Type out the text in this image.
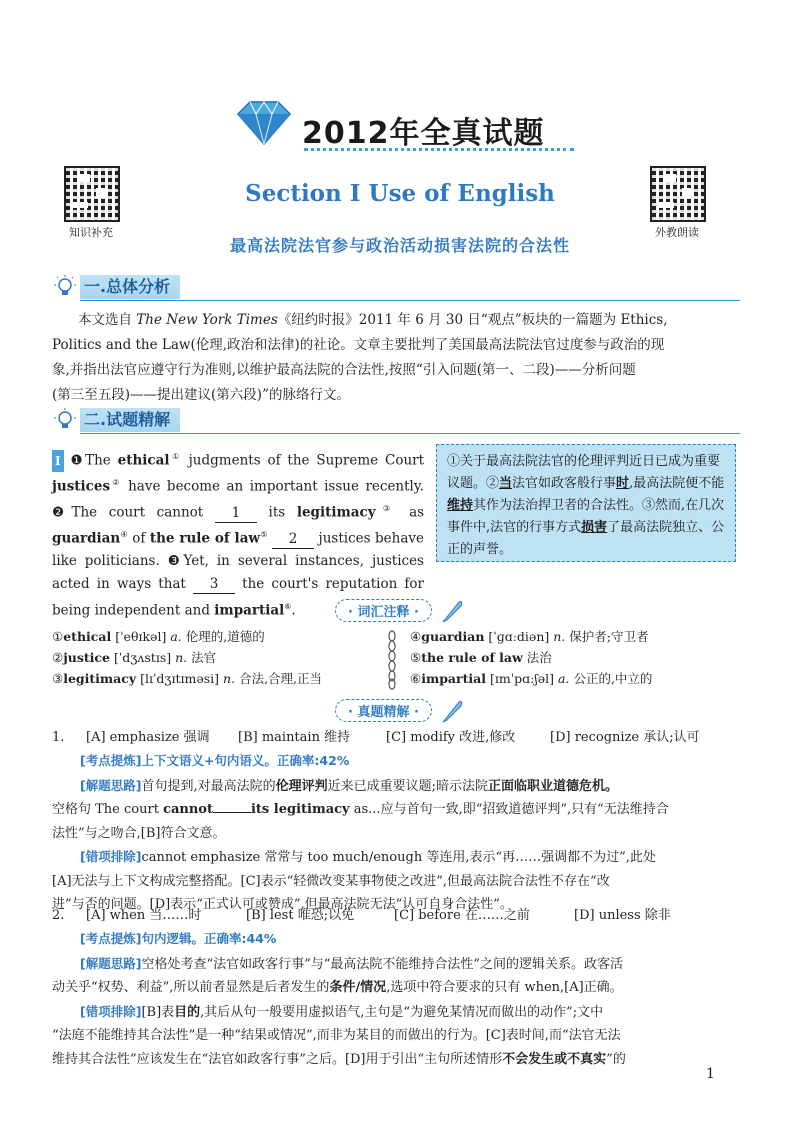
2012年全真试题
知识补充	外教朗读
Section Ⅰ Use of English
最高法院法官参与政治活动损害法院的合法性
一.总体分析
本文选自 The New York Times《纽约时报》2011 年 6 月 30 日“观点”板块的一篇题为 Ethics,
Politics and the Law(伦理,政治和法律)的社论。文章主要批判了美国最高法院法官过度参与政治的现
象,并指出法官应遵守行为准则,以维护最高法院的合法性,按照“引入问题(第一、二段)——分析问题
(第三至五段)——提出建议(第六段)”的脉络行文。
二.试题精解
I ❶The ethical① judgments of the Supreme Court justices② have become an important issue recently. ❷The court cannot 1 its legitimacy③ as guardian④ of the rule of law⑤ 2 justices behave like politicians. ❸Yet, in several instances, justices acted in ways that 3 the court's reputation for being independent and impartial⑥.
①关于最高法院法官的伦理评判近日已成为重要议题。②当法官如政客般行事时,最高法院便不能维持其作为法治捍卫者的合法性。③然而,在几次事件中,法官的行事方式损害了最高法院独立、公正的声誉。
· 词汇注释 ·
①ethical [ˈeθɪkəl] a. 伦理的,道德的
②justice [ˈdʒʌstɪs] n. 法官
③legitimacy [lɪˈdʒɪtɪməsi] n. 合法,合理,正当
④guardian [ˈɡɑːdiən] n. 保护者;守卫者
⑤the rule of law 法治
⑥impartial [ɪmˈpɑːʃəl] a. 公正的,中立的
· 真题精解 ·
1. [A] emphasize 强调 [B] maintain 维持	[C] modify 改进,修改	[D] recognize 承认;认可
[考点提炼]上下文语义+句内语义。正确率:42%
[解题思路]首句提到,对最高法院的伦理评判近来已成重要议题;暗示法院正面临职业道德危机。
空格句 The court cannot	its legitimacy as...应与首句一致,即“招致道德评判”,只有“无法维持合
法性”与之吻合,[B]符合文意。
[错项排除]cannot emphasize 常常与 too much/enough 等连用,表示“再……强调都不为过”,此处
[A]无法与上下文构成完整搭配。[C]表示“轻微改变某事物使之改进”,但最高法院合法性不存在“改
进”与否的问题。[D]表示“正式认可或赞成”,但最高法院无法“认可自身合法性”。
2. [A] when 当……时	[B] lest 唯恐;以免	[C] before 在……之前	[D] unless 除非
[考点提炼]句内逻辑。正确率:44%
[解题思路]空格处考查“法官如政客行事”与“最高法院不能维持合法性”之间的逻辑关系。政客活
动关乎“权势、利益”,所以前者显然是后者发生的条件/情况,选项中符合要求的只有 when,[A]正确。
[错项排除][B]表目的,其后从句一般要用虚拟语气,主句是“为避免某情况而做出的动作”;文中
“法庭不能维持其合法性”是一种“结果或情况”,而非为某目的而做出的行为。[C]表时间,而“法官无法
维持其合法性”应该发生在“法官如政客行事”之后。[D]用于引出“主句所述情形不会发生或不真实”的
1
